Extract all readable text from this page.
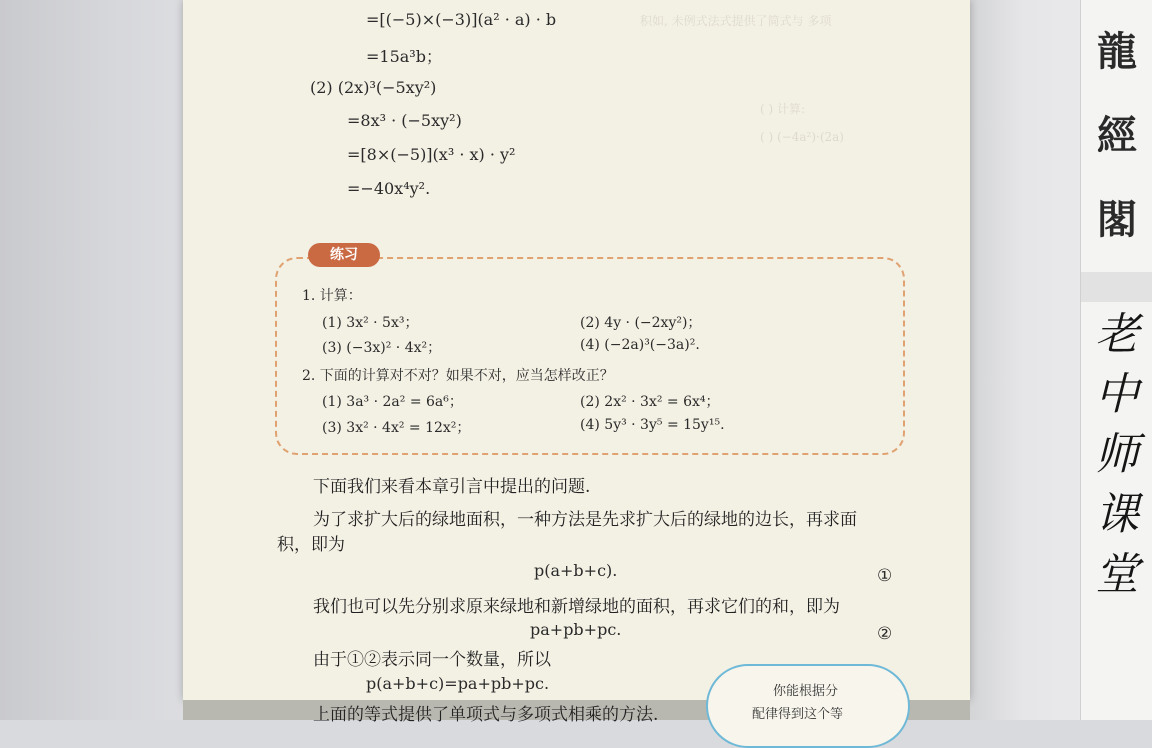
积如, 未例式法式提供了简式与 多项
( ) 计算:
( ) (−4a²)·(2a)
=[(−5)×(−3)](a² · a) · b
=15a³b；
(2) (2x)³(−5xy²)
=8x³ · (−5xy²)
=[8×(−5)](x³ · x) · y²
=−40x⁴y².
练习
1. 计算：
(1) 3x² · 5x³；	(2) 4y · (−2xy²)；
(3) (−3x)² · 4x²；	(4) (−2a)³(−3a)².
2. 下面的计算对不对？如果不对，应当怎样改正？
(1) 3a³ · 2a² = 6a⁶；	(2) 2x² · 3x² = 6x⁴；
(3) 3x² · 4x² = 12x²；	(4) 5y³ · 3y⁵ = 15y¹⁵.
下面我们来看本章引言中提出的问题.
为了求扩大后的绿地面积，一种方法是先求扩大后的绿地的边长，再求面
积，即为
p(a+b+c).	①
我们也可以先分别求原来绿地和新增绿地的面积，再求它们的和，即为
pa+pb+pc.	②
由于①②表示同一个数量，所以
p(a+b+c)=pa+pb+pc.
上面的等式提供了单项式与多项式相乘的方法.
你能根据分
配律得到这个等
龍
經
閣
老
中
师
课
堂
